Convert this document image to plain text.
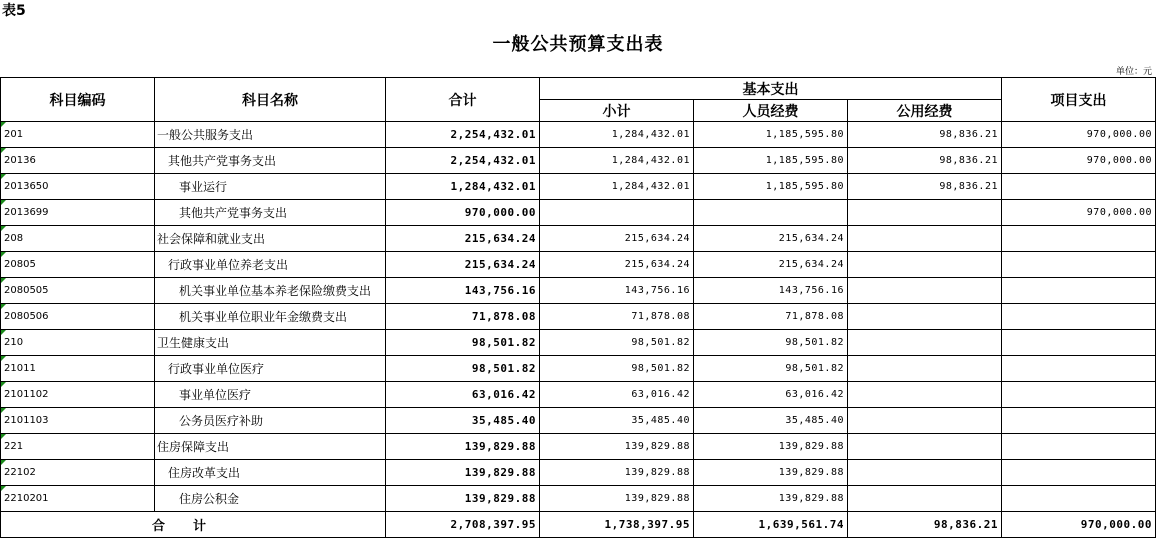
表5
一般公共预算支出表
单位：元
科目编码	科目名称	合计	基本支出			项目支出
			小计	人员经费	公用经费	
201	一般公共服务支出	2,254,432.01	1,284,432.01	1,185,595.80	98,836.21	970,000.00
20136	其他共产党事务支出	2,254,432.01	1,284,432.01	1,185,595.80	98,836.21	970,000.00
2013650	事业运行	1,284,432.01	1,284,432.01	1,185,595.80	98,836.21	
2013699	其他共产党事务支出	970,000.00				970,000.00
208	社会保障和就业支出	215,634.24	215,634.24	215,634.24		
20805	行政事业单位养老支出	215,634.24	215,634.24	215,634.24		
2080505	机关事业单位基本养老保险缴费支出	143,756.16	143,756.16	143,756.16		
2080506	机关事业单位职业年金缴费支出	71,878.08	71,878.08	71,878.08		
210	卫生健康支出	98,501.82	98,501.82	98,501.82		
21011	行政事业单位医疗	98,501.82	98,501.82	98,501.82		
2101102	事业单位医疗	63,016.42	63,016.42	63,016.42		
2101103	公务员医疗补助	35,485.40	35,485.40	35,485.40		
221	住房保障支出	139,829.88	139,829.88	139,829.88		
22102	住房改革支出	139,829.88	139,829.88	139,829.88		
2210201	住房公积金	139,829.88	139,829.88	139,829.88		
合计		2,708,397.95	1,738,397.95	1,639,561.74	98,836.21	970,000.00
